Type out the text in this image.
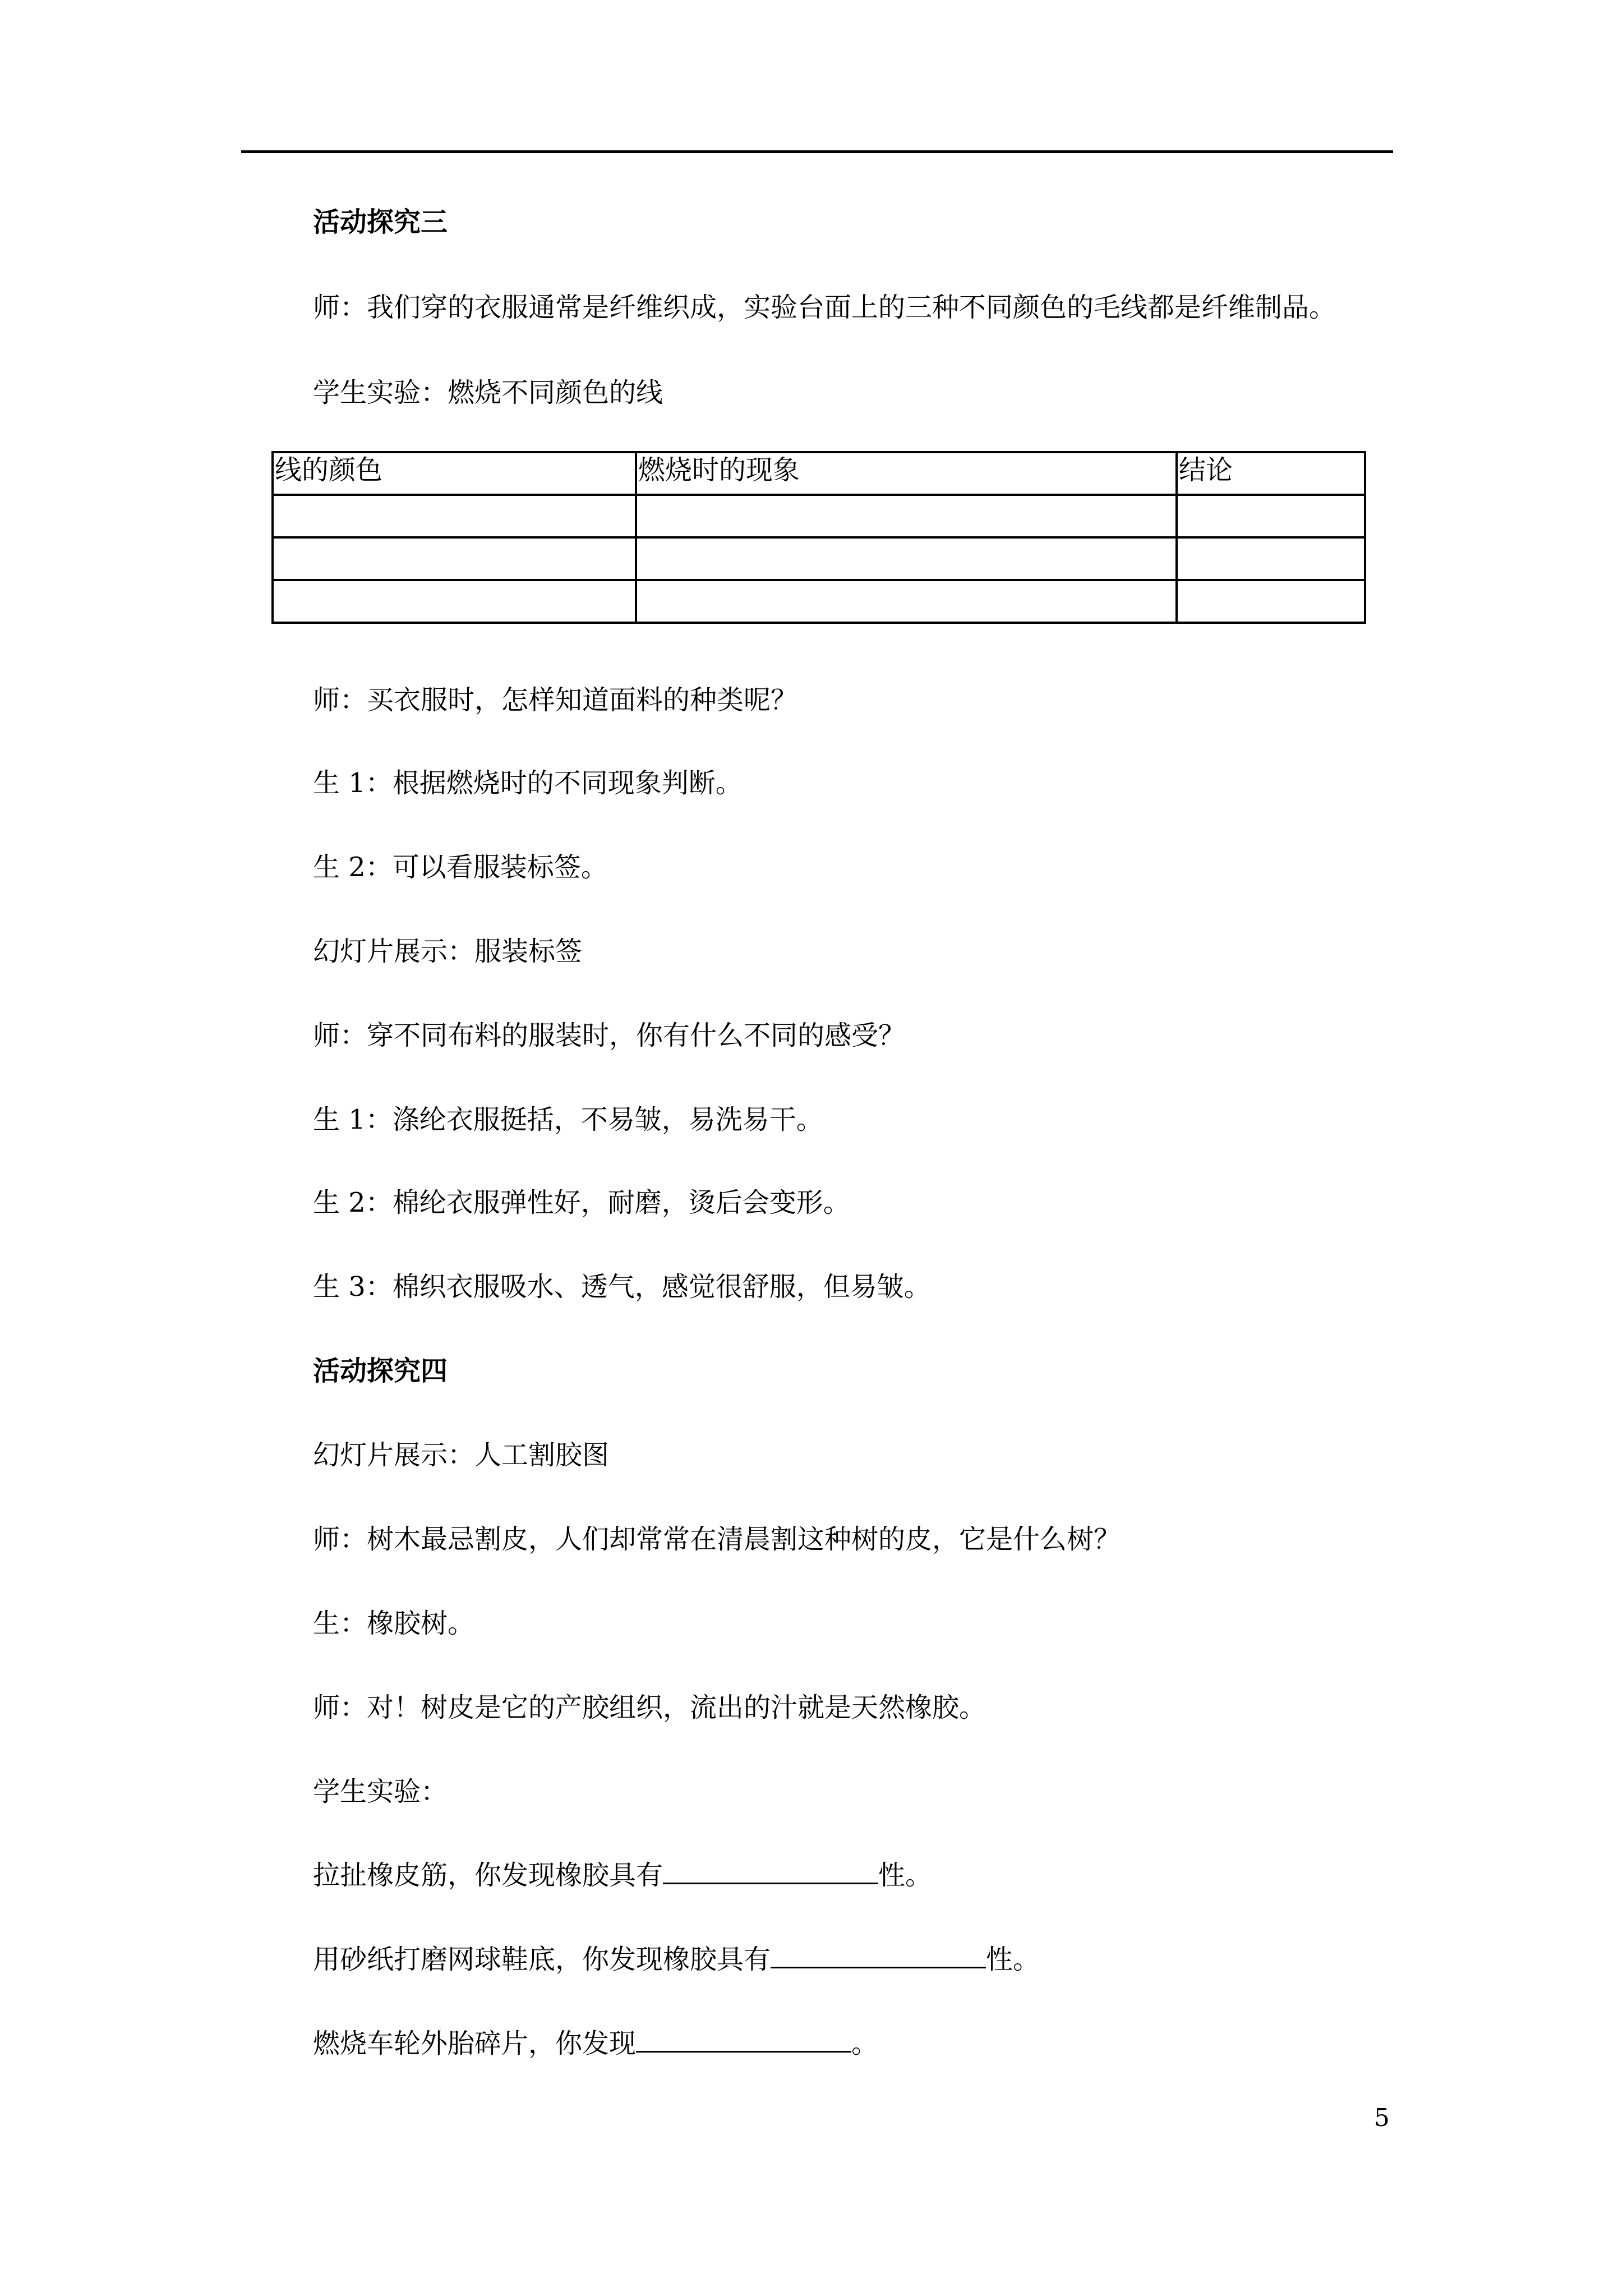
活动探究三
师：我们穿的衣服通常是纤维织成，实验台面上的三种不同颜色的毛线都是纤维制品。
学生实验：燃烧不同颜色的线
线的颜色	燃烧时的现象	结论

师：买衣服时，怎样知道面料的种类呢？
生 1：根据燃烧时的不同现象判断。
生 2：可以看服装标签。
幻灯片展示：服装标签
师：穿不同布料的服装时，你有什么不同的感受？
生 1：涤纶衣服挺括，不易皱，易洗易干。
生 2：棉纶衣服弹性好，耐磨，烫后会变形。
生 3：棉织衣服吸水、透气，感觉很舒服，但易皱。
活动探究四
幻灯片展示：人工割胶图
师：树木最忌割皮，人们却常常在清晨割这种树的皮，它是什么树？
生：橡胶树。
师：对！树皮是它的产胶组织，流出的汁就是天然橡胶。
学生实验：
拉扯橡皮筋，你发现橡胶具有	性。
用砂纸打磨网球鞋底，你发现橡胶具有	性。
燃烧车轮外胎碎片，你发现	。
5
